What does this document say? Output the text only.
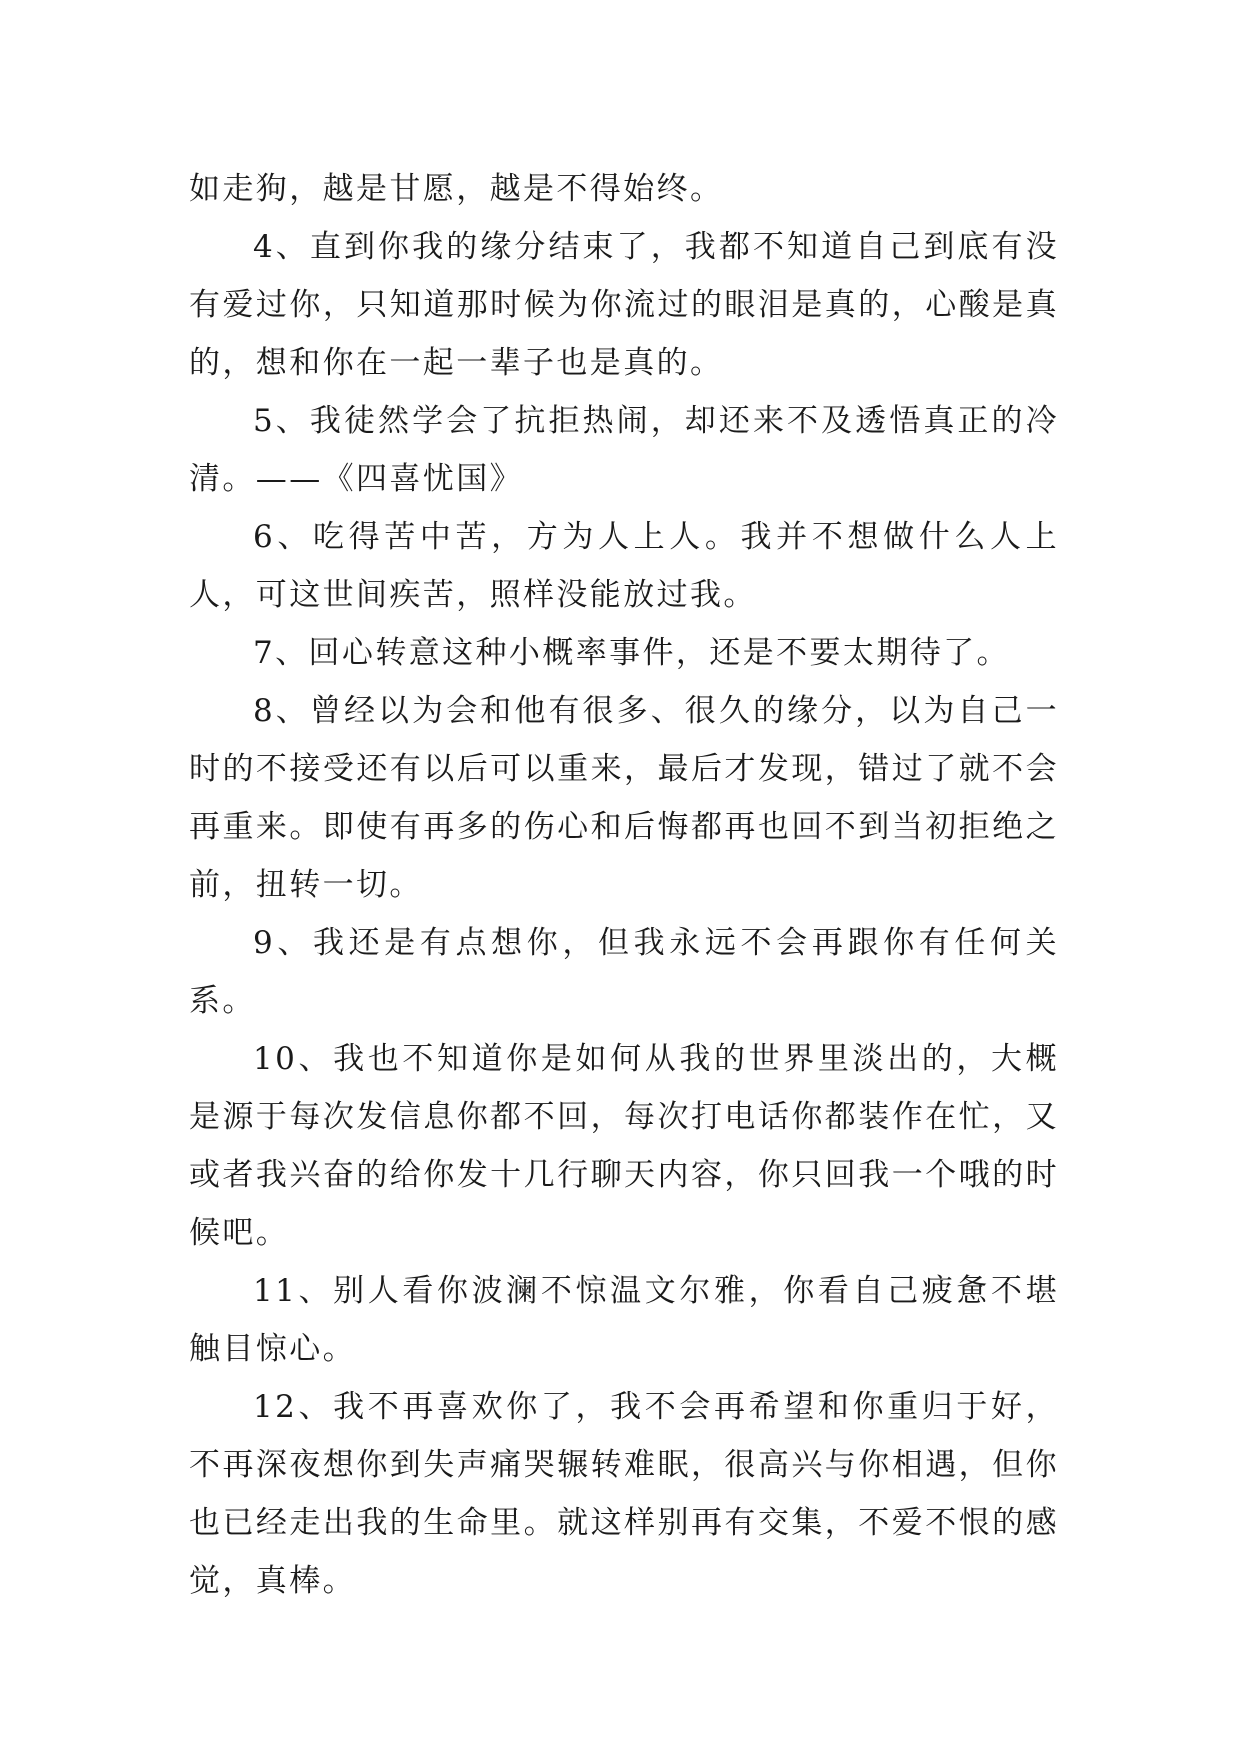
如走狗，越是甘愿，越是不得始终。

4、直到你我的缘分结束了，我都不知道自己到底有没有爱过你，只知道那时候为你流过的眼泪是真的，心酸是真的，想和你在一起一辈子也是真的。

5、我徒然学会了抗拒热闹，却还来不及透悟真正的冷清。——《四喜忧国》

6、吃得苦中苦，方为人上人。我并不想做什么人上人，可这世间疾苦，照样没能放过我。

7、回心转意这种小概率事件，还是不要太期待了。

8、曾经以为会和他有很多、很久的缘分，以为自己一时的不接受还有以后可以重来，最后才发现，错过了就不会再重来。即使有再多的伤心和后悔都再也回不到当初拒绝之前，扭转一切。

9、我还是有点想你，但我永远不会再跟你有任何关系。

10、我也不知道你是如何从我的世界里淡出的，大概是源于每次发信息你都不回，每次打电话你都装作在忙，又或者我兴奋的给你发十几行聊天内容，你只回我一个哦的时候吧。

11、别人看你波澜不惊温文尔雅，你看自己疲惫不堪触目惊心。

12、我不再喜欢你了，我不会再希望和你重归于好，不再深夜想你到失声痛哭辗转难眠，很高兴与你相遇，但你也已经走出我的生命里。就这样别再有交集，不爱不恨的感觉，真棒。
